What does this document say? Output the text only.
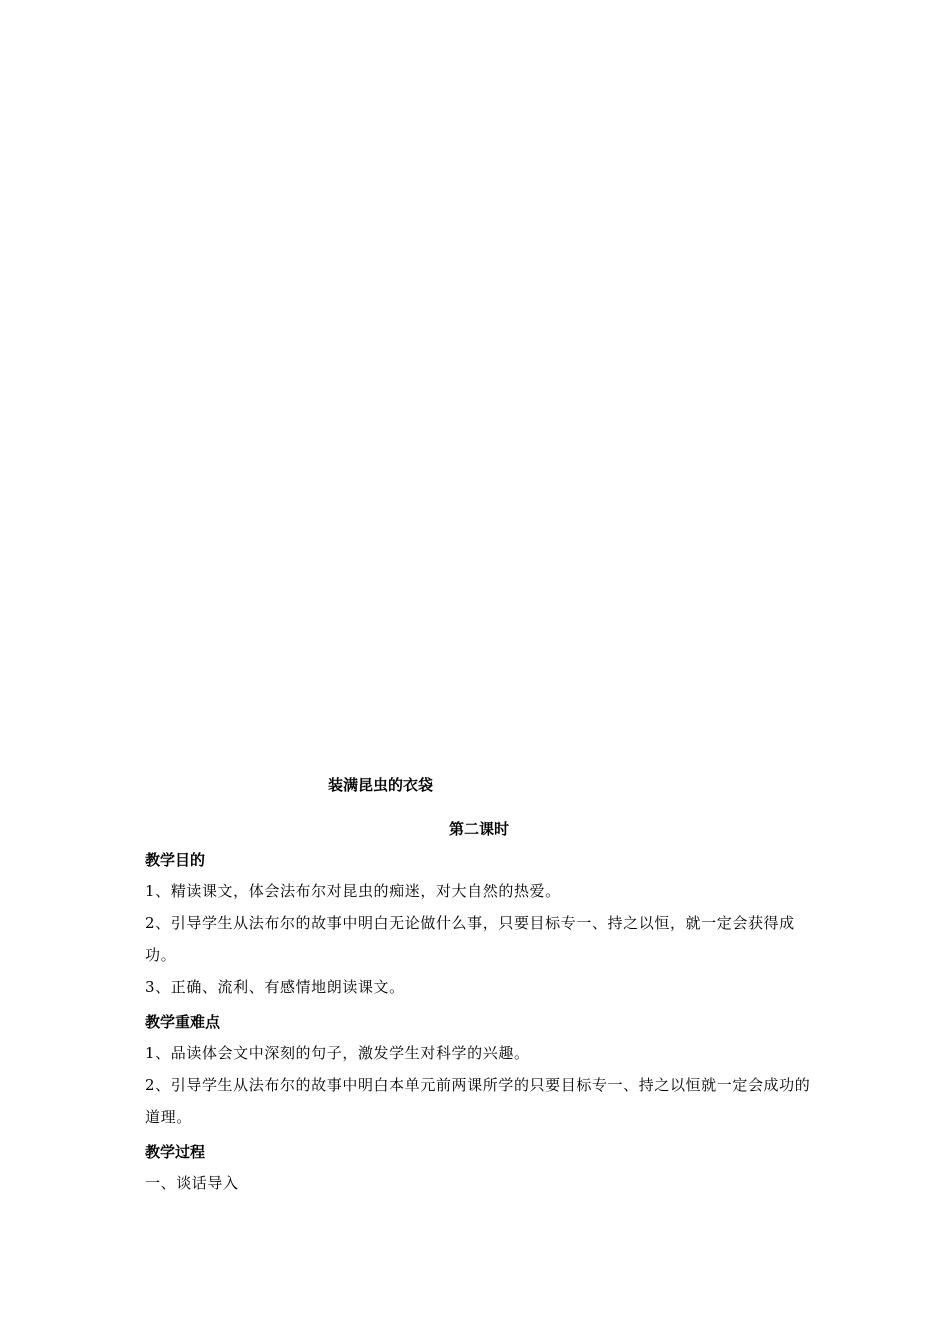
装满昆虫的衣袋

第二课时

教学目的

1、精读课文，体会法布尔对昆虫的痴迷，对大自然的热爱。

2、引导学生从法布尔的故事中明白无论做什么事，只要目标专一、持之以恒，就一定会获得成功。

3、正确、流利、有感情地朗读课文。

教学重难点

1、品读体会文中深刻的句子，激发学生对科学的兴趣。

2、引导学生从法布尔的故事中明白本单元前两课所学的只要目标专一、持之以恒就一定会成功的道理。

教学过程

一、谈话导入
